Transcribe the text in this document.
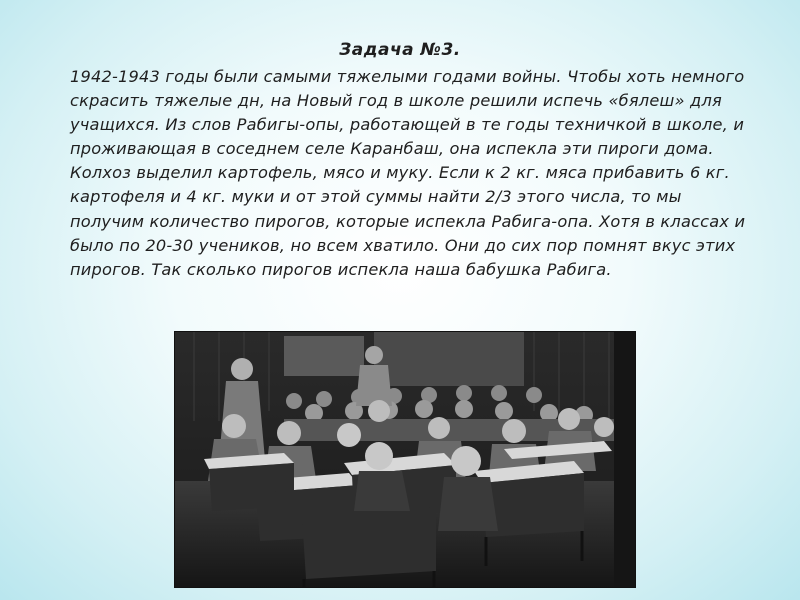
Задача №3.

1942-1943 годы были самыми тяжелыми годами войны. Чтобы хоть немного скрасить тяжелые дн, на Новый год в школе решили испечь «бялеш» для учащихся. Из слов Рабигы-опы, работающей в те годы техничкой в школе, и проживающая в соседнем селе Каранбаш, она испекла эти пироги дома. Колхоз выделил картофель, мясо и муку. Если к 2 кг. мяса прибавить 6 кг. картофеля и 4 кг. муки и от этой суммы найти 2/3 этого числа, то мы получим количество пирогов, которые испекла Рабига-опа. Хотя в классах и было по 20-30 учеников, но всем хватило. Они до сих пор помнят вкус этих пирогов. Так сколько пирогов испекла наша бабушка Рабига.
